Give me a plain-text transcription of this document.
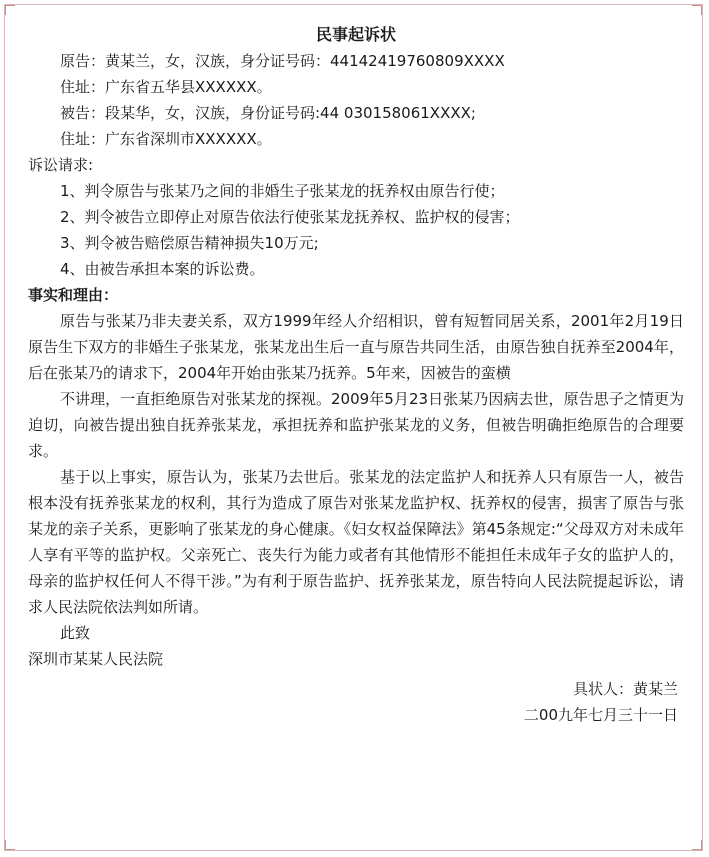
民事起诉状
原告：黄某兰，女，汉族，身分证号码：44142419760809XXXX
住址：广东省五华县XXXXXX。
被告：段某华，女，汉族，身份证号码:44 030158061XXXX;
住址：广东省深圳市XXXXXX。
诉讼请求:
1、判令原告与张某乃之间的非婚生子张某龙的抚养权由原告行使；
2、判令被告立即停止对原告依法行使张某龙抚养权、监护权的侵害；
3、判令被告赔偿原告精神损失10万元;
4、由被告承担本案的诉讼费。
事实和理由：
原告与张某乃非夫妻关系，双方1999年经人介绍相识，曾有短暂同居关系，2001年2月19日原告生下双方的非婚生子张某龙，张某龙出生后一直与原告共同生活，由原告独自抚养至2004年，后在张某乃的请求下，2004年开始由张某乃抚养。5年来，因被告的蛮横
不讲理，一直拒绝原告对张某龙的探视。2009年5月23日张某乃因病去世，原告思子之情更为迫切，向被告提出独自抚养张某龙，承担抚养和监护张某龙的义务，但被告明确拒绝原告的合理要求。
基于以上事实，原告认为，张某乃去世后。张某龙的法定监护人和抚养人只有原告一人，被告根本没有抚养张某龙的权利，其行为造成了原告对张某龙监护权、抚养权的侵害，损害了原告与张某龙的亲子关系，更影响了张某龙的身心健康。《妇女权益保障法》第45条规定:“父母双方对未成年人享有平等的监护权。父亲死亡、丧失行为能力或者有其他情形不能担任未成年子女的监护人的，母亲的监护权任何人不得干涉。”为有利于原告监护、抚养张某龙，原告特向人民法院提起诉讼，请求人民法院依法判如所请。
此致
深圳市某某人民法院
具状人：黄某兰
二00九年七月三十一日
